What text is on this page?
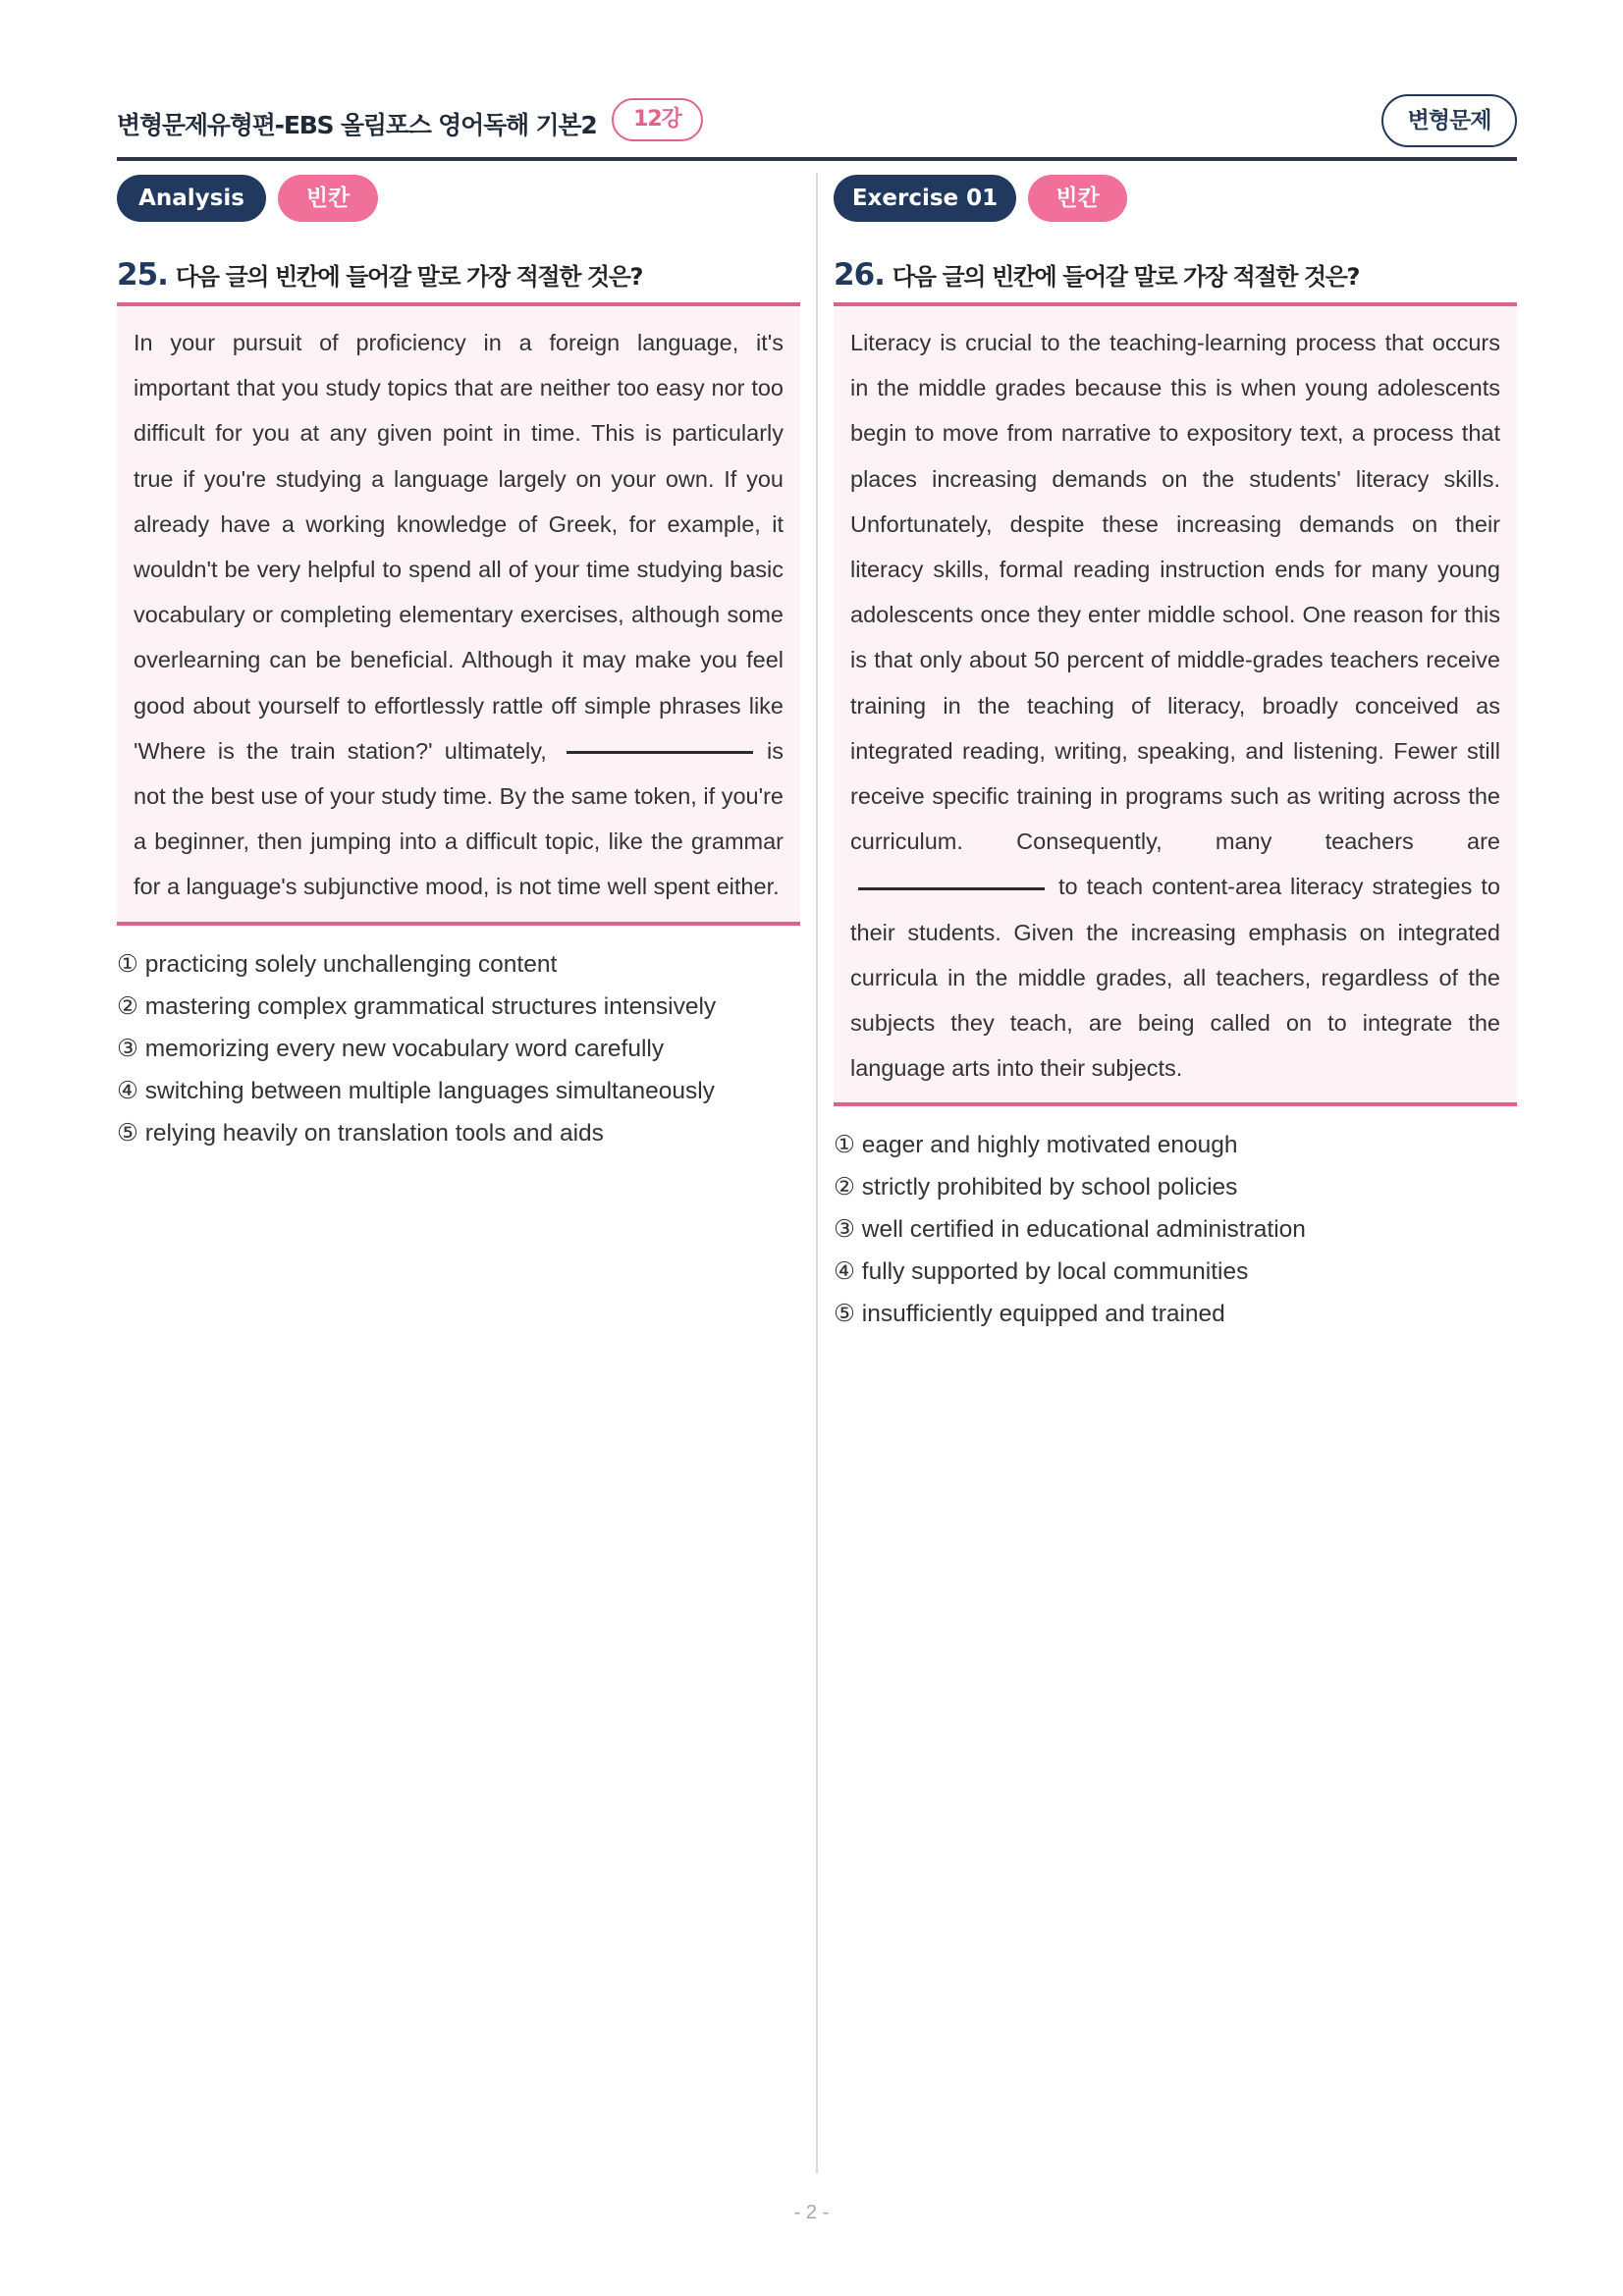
변형문제유형편-EBS 올림포스 영어독해 기본2	12강	변형문제
Analysis	빈칸
25. 다음 글의 빈칸에 들어갈 말로 가장 적절한 것은?

In your pursuit of proficiency in a foreign language, it's important that you study topics that are neither too easy nor too difficult for you at any given point in time. This is particularly true if you're studying a language largely on your own. If you already have a working knowledge of Greek, for example, it wouldn't be very helpful to spend all of your time studying basic vocabulary or completing elementary exercises, although some overlearning can be beneficial. Although it may make you feel good about yourself to effortlessly rattle off simple phrases like 'Where is the train station?' ultimately,	is not the best use of your study time. By the same token, if you're a beginner, then jumping into a difficult topic, like the grammar for a language's subjunctive mood, is not time well spent either.

① practicing solely unchallenging content
② mastering complex grammatical structures intensively
③ memorizing every new vocabulary word carefully
④ switching between multiple languages simultaneously
⑤ relying heavily on translation tools and aids
Exercise 01	빈칸
26. 다음 글의 빈칸에 들어갈 말로 가장 적절한 것은?

Literacy is crucial to the teaching-learning process that occurs in the middle grades because this is when young adolescents begin to move from narrative to expository text, a process that places increasing demands on the students' literacy skills. Unfortunately, despite these increasing demands on their literacy skills, formal reading instruction ends for many young adolescents once they enter middle school. One reason for this is that only about 50 percent of middle-grades teachers receive training in the teaching of literacy, broadly conceived as integrated reading, writing, speaking, and listening. Fewer still receive specific training in programs such as writing across the curriculum. Consequently, many teachers are to teach content-area literacy strategies to their students. Given the increasing emphasis on integrated curricula in the middle grades, all teachers, regardless of the subjects they teach, are being called on to integrate the language arts into their subjects.

① eager and highly motivated enough
② strictly prohibited by school policies
③ well certified in educational administration
④ fully supported by local communities
⑤ insufficiently equipped and trained
- 2 -
